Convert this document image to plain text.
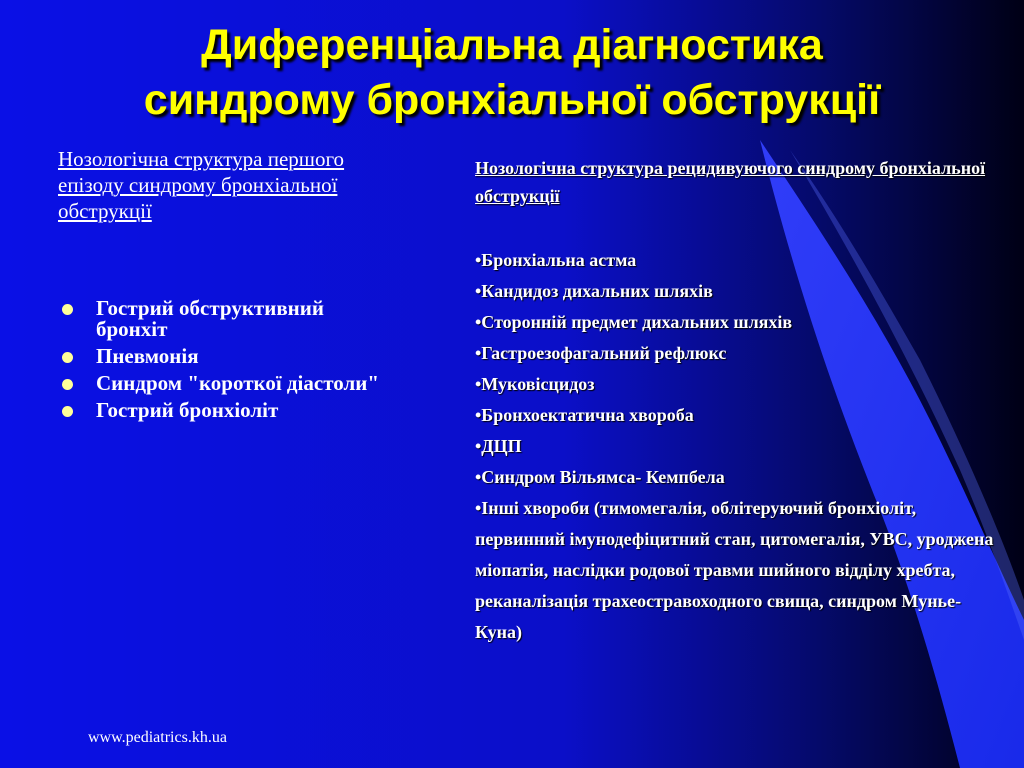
Диференціальна діагностика
синдрому бронхіальної обструкції
Нозологічна структура першого епізоду синдрому бронхіальної обструкції
Гострий обструктивний бронхіт
Пневмонія
Синдром "короткої діастоли"
Гострий бронхіоліт
Нозологічна структура рецидивуючого синдрому бронхіальної обструкції
•Бронхіальна астма
•Кандидоз дихальних шляхів
•Сторонній предмет дихальних шляхів
•Гастроезофагальний рефлюкс
•Муковісцидоз
•Бронхоектатична хвороба
•ДЦП
•Синдром Вільямса- Кемпбела
•Інші хвороби (тимомегалія, облітеруючий бронхіоліт, первинний імунодефіцитний стан, цитомегалія, УВС, уроджена міопатія, наслідки родової травми шийного відділу хребта, реканалізація трахеостравоходного свища, синдром Мунье- Куна)
www.pediatrics.kh.ua
